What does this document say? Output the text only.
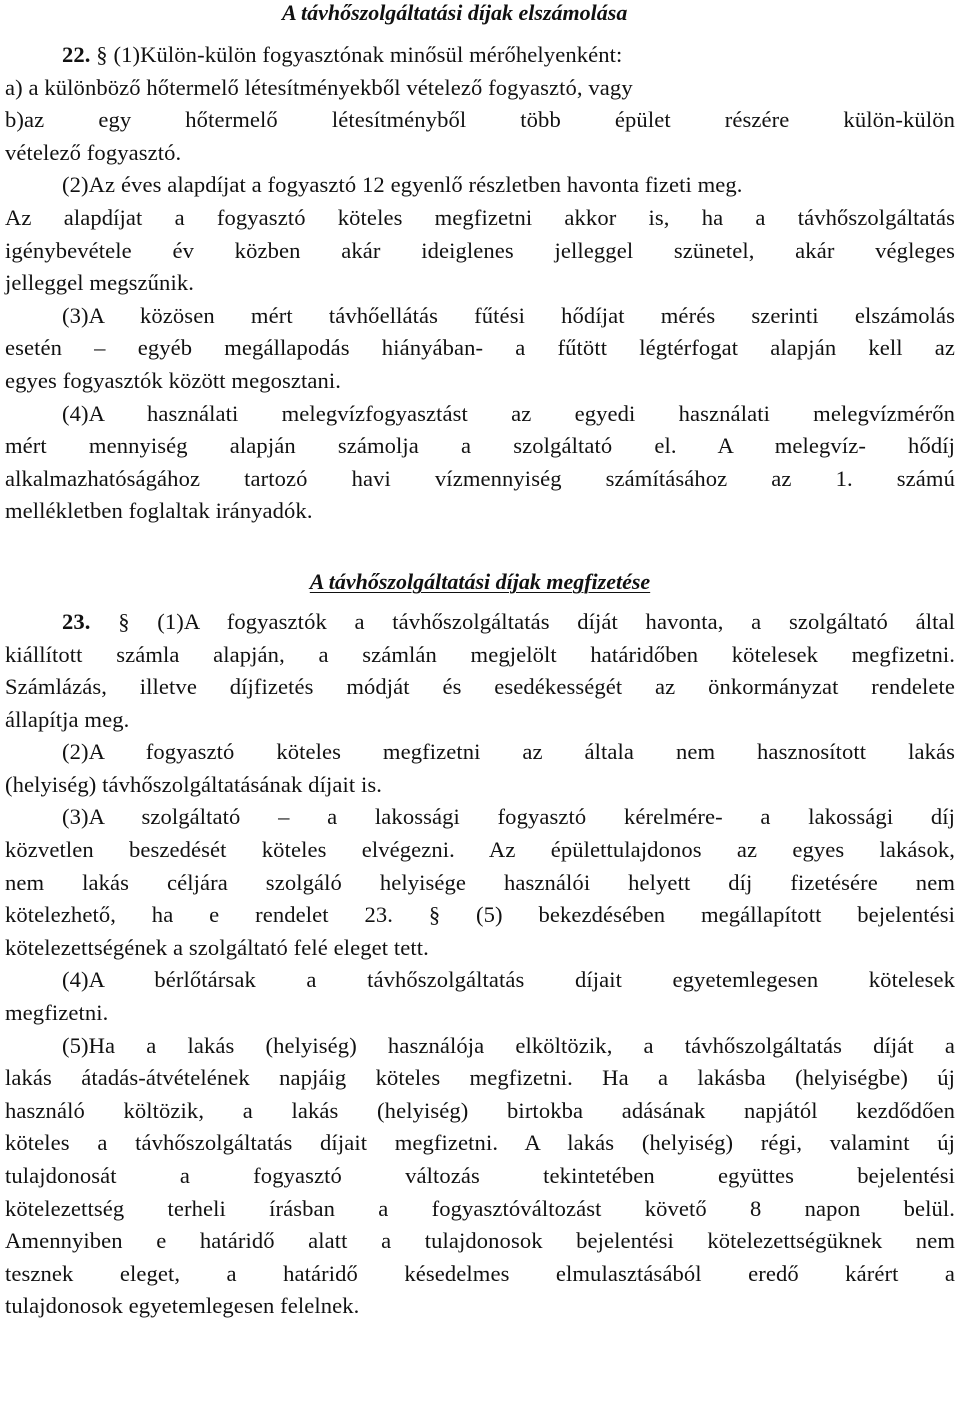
A távhőszolgáltatási díjak elszámolása
22. § (1)Külön-külön fogyasztónak minősül mérőhelyenként:
a) a különböző hőtermelő létesítményekből vételező fogyasztó, vagy
b)az egy hőtermelő létesítményből több épület részére külön-külön
vételező fogyasztó.
(2)Az éves alapdíjat a fogyasztó 12 egyenlő részletben havonta fizeti meg.
Az alapdíjat a fogyasztó köteles megfizetni akkor is, ha a távhőszolgáltatás
igénybevétele év közben akár ideiglenes jelleggel szünetel, akár végleges
jelleggel megszűnik.
(3)A közösen mért távhőellátás fűtési hődíjat mérés szerinti elszámolás
esetén – egyéb megállapodás hiányában- a fűtött légtérfogat alapján kell az
egyes fogyasztók között megosztani.
(4)A használati melegvízfogyasztást az egyedi használati melegvízmérőn
mért mennyiség alapján számolja a szolgáltató el. A melegvíz- hődíj
alkalmazhatóságához tartozó havi vízmennyiség számításához az 1. számú
mellékletben foglaltak irányadók.
A távhőszolgáltatási díjak megfizetése
23. § (1)A fogyasztók a távhőszolgáltatás díját havonta, a szolgáltató által
kiállított számla alapján, a számlán megjelölt határidőben kötelesek megfizetni.
Számlázás, illetve díjfizetés módját és esedékességét az önkormányzat rendelete
állapítja meg.
(2)A fogyasztó köteles megfizetni az általa nem hasznosított lakás
(helyiség) távhőszolgáltatásának díjait is.
(3)A szolgáltató – a lakossági fogyasztó kérelmére- a lakossági díj
közvetlen beszedését köteles elvégezni. Az épülettulajdonos az egyes lakások,
nem lakás céljára szolgáló helyisége használói helyett díj fizetésére nem
kötelezhető, ha e rendelet 23. § (5) bekezdésében megállapított bejelentési
kötelezettségének a szolgáltató felé eleget tett.
(4)A bérlőtársak a távhőszolgáltatás díjait egyetemlegesen kötelesek
megfizetni.
(5)Ha a lakás (helyiség) használója elköltözik, a távhőszolgáltatás díját a
lakás átadás-átvételének napjáig köteles megfizetni. Ha a lakásba (helyiségbe) új
használó költözik, a lakás (helyiség) birtokba adásának napjától kezdődően
köteles a távhőszolgáltatás díjait megfizetni. A lakás (helyiség) régi, valamint új
tulajdonosát a fogyasztó változás tekintetében együttes bejelentési
kötelezettség terheli írásban a fogyasztóváltozást követő 8 napon belül.
Amennyiben e határidő alatt a tulajdonosok bejelentési kötelezettségüknek nem
tesznek eleget, a határidő késedelmes elmulasztásából eredő kárért a
tulajdonosok egyetemlegesen felelnek.
